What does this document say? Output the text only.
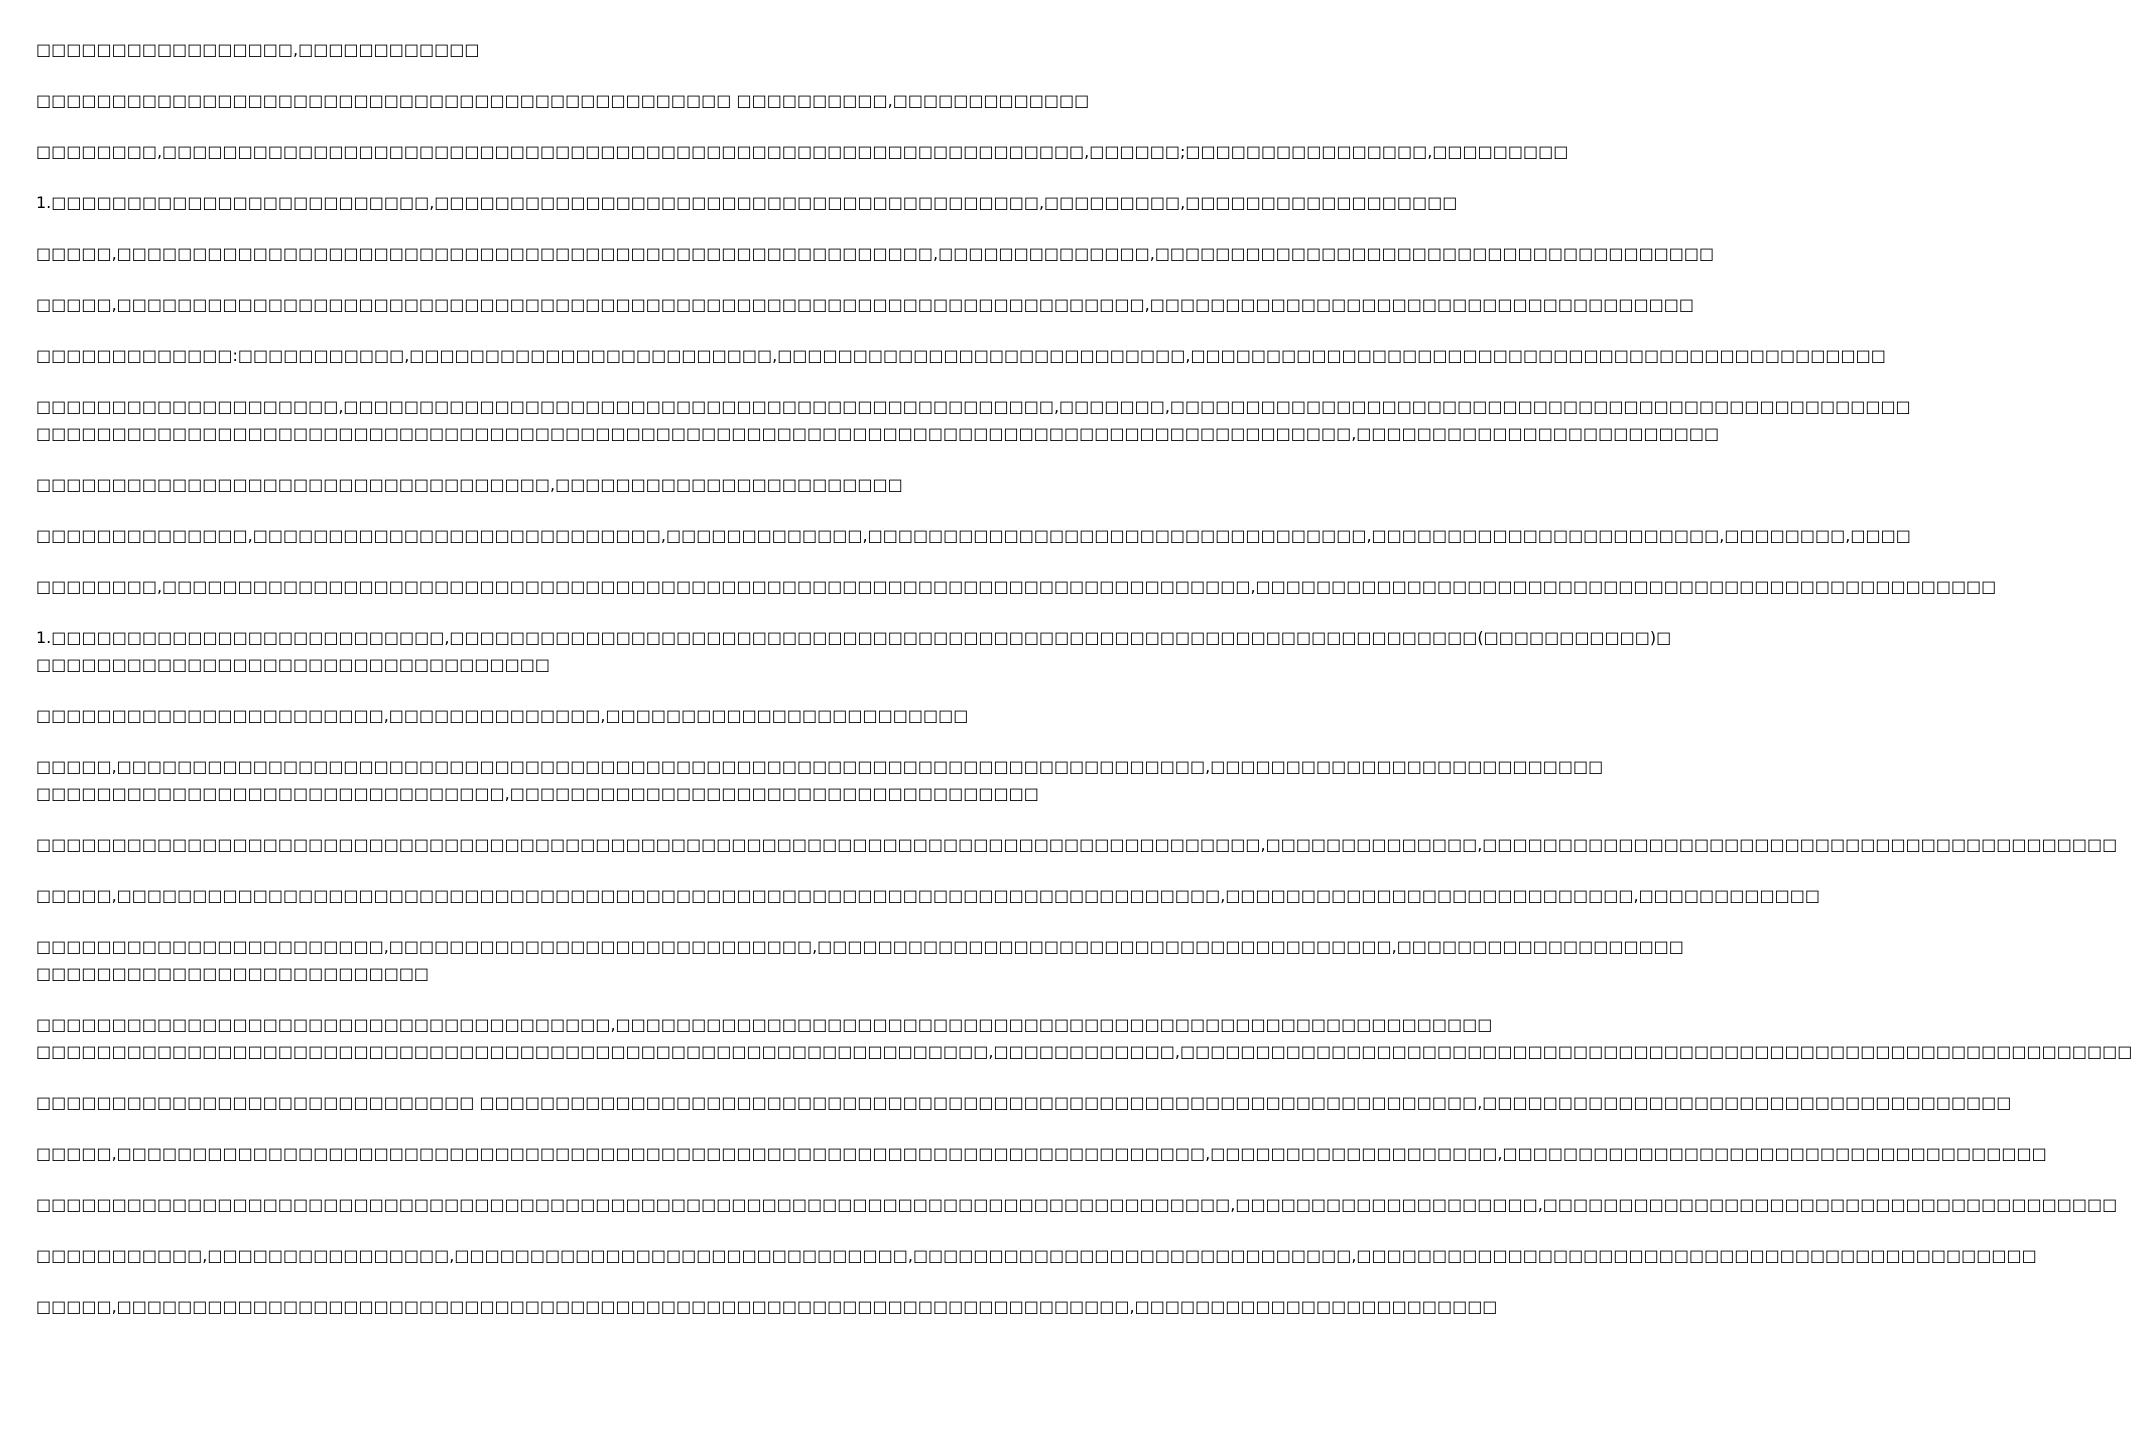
□□□□□□□□□□□□□□□□□,□□□□□□□□□□□□
□□□□□□□□□□□□□□□□□□□□□□□□□□□□□□□□□□□□□□□□□□□□□□ □□□□□□□□□□,□□□□□□□□□□□□□
□□□□□□□□,□□□□□□□□□□□□□□□□□□□□□□□□□□□□□□□□□□□□□□□□□□□□□□□□□□□□□□□□□□□□□,□□□□□□;□□□□□□□□□□□□□□□□,□□□□□□□□□
1.□□□□□□□□□□□□□□□□□□□□□□□□□,□□□□□□□□□□□□□□□□□□□□□□□□□□□□□□□□□□□□□□□□,□□□□□□□□□,□□□□□□□□□□□□□□□□□□
□□□□□,□□□□□□□□□□□□□□□□□□□□□□□□□□□□□□□□□□□□□□□□□□□□□□□□□□□□□□,□□□□□□□□□□□□□□,□□□□□□□□□□□□□□□□□□□□□□□□□□□□□□□□□□□□□
□□□□□,□□□□□□□□□□□□□□□□□□□□□□□□□□□□□□□□□□□□□□□□□□□□□□□□□□□□□□□□□□□□□□□□□□□□,□□□□□□□□□□□□□□□□□□□□□□□□□□□□□□□□□□□□
□□□□□□□□□□□□□:□□□□□□□□□□□,□□□□□□□□□□□□□□□□□□□□□□□□,□□□□□□□□□□□□□□□□□□□□□□□□□□□,□□□□□□□□□□□□□□□□□□□□□□□□□□□□□□□□□□□□□□□□□□□□□□
□□□□□□□□□□□□□□□□□□□□,□□□□□□□□□□□□□□□□□□□□□□□□□□□□□□□□□□□□□□□□□□□□□□□,□□□□□□□,□□□□□□□□□□□□□□□□□□□□□□□□□□□□□□□□□□□□□□□□□□□□□□□□□
□□□□□□□□□□□□□□□□□□□□□□□□□□□□□□□□□□□□□□□□□□□□□□□□□□□□□□□□□□□□□□□□□□□□□□□□□□□□□□□□□□□□□□□,□□□□□□□□□□□□□□□□□□□□□□□□
□□□□□□□□□□□□□□□□□□□□□□□□□□□□□□□□□□,□□□□□□□□□□□□□□□□□□□□□□□
□□□□□□□□□□□□□□,□□□□□□□□□□□□□□□□□□□□□□□□□□□,□□□□□□□□□□□□□,□□□□□□□□□□□□□□□□□□□□□□□□□□□□□□□□□,□□□□□□□□□□□□□□□□□□□□□□□,□□□□□□□□,□□□□
□□□□□□□□,□□□□□□□□□□□□□□□□□□□□□□□□□□□□□□□□□□□□□□□□□□□□□□□□□□□□□□□□□□□□□□□□□□□□□□□□,□□□□□□□□□□□□□□□□□□□□□□□□□□□□□□□□□□□□□□□□□□□□□□□□□
1.□□□□□□□□□□□□□□□□□□□□□□□□□□,□□□□□□□□□□□□□□□□□□□□□□□□□□□□□□□□□□□□□□□□□□□□□□□□□□□□□□□□□□□□□□□□□□□□(□□□□□□□□□□□)□
□□□□□□□□□□□□□□□□□□□□□□□□□□□□□□□□□□
□□□□□□□□□□□□□□□□□□□□□□□,□□□□□□□□□□□□□□,□□□□□□□□□□□□□□□□□□□□□□□□
□□□□□,□□□□□□□□□□□□□□□□□□□□□□□□□□□□□□□□□□□□□□□□□□□□□□□□□□□□□□□□□□□□□□□□□□□□□□□□,□□□□□□□□□□□□□□□□□□□□□□□□□□
□□□□□□□□□□□□□□□□□□□□□□□□□□□□□□□,□□□□□□□□□□□□□□□□□□□□□□□□□□□□□□□□□□□
□□□□□□□□□□□□□□□□□□□□□□□□□□□□□□□□□□□□□□□□□□□□□□□□□□□□□□□□□□□□□□□□□□□□□□□□□□□□□□□□□,□□□□□□□□□□□□□□,□□□□□□□□□□□□□□□□□□□□□□□□□□□□□□□□□□□□□□□□□□
□□□□□,□□□□□□□□□□□□□□□□□□□□□□□□□□□□□□□□□□□□□□□□□□□□□□□□□□□□□□□□□□□□□□□□□□□□□□□□□,□□□□□□□□□□□□□□□□□□□□□□□□□□□,□□□□□□□□□□□□
□□□□□□□□□□□□□□□□□□□□□□□,□□□□□□□□□□□□□□□□□□□□□□□□□□□□,□□□□□□□□□□□□□□□□□□□□□□□□□□□□□□□□□□□□□□,□□□□□□□□□□□□□□□□□□□
□□□□□□□□□□□□□□□□□□□□□□□□□□
□□□□□□□□□□□□□□□□□□□□□□□□□□□□□□□□□□□□□□,□□□□□□□□□□□□□□□□□□□□□□□□□□□□□□□□□□□□□□□□□□□□□□□□□□□□□□□□□□
□□□□□□□□□□□□□□□□□□□□□□□□□□□□□□□□□□□□□□□□□□□□□□□□□□□□□□□□□□□□□□□,□□□□□□□□□□□□,□□□□□□□□□□□□□□□□□□□□□□□□□□□□□□□□□□□□□□□□□□□□□□□□□□□□□□□□□□□□□□□
□□□□□□□□□□□□□□□□□□□□□□□□□□□□□ □□□□□□□□□□□□□□□□□□□□□□□□□□□□□□□□□□□□□□□□□□□□□□□□□□□□□□□□□□□□□□□□□□,□□□□□□□□□□□□□□□□□□□□□□□□□□□□□□□□□□□
□□□□□,□□□□□□□□□□□□□□□□□□□□□□□□□□□□□□□□□□□□□□□□□□□□□□□□□□□□□□□□□□□□□□□□□□□□□□□□,□□□□□□□□□□□□□□□□□□□,□□□□□□□□□□□□□□□□□□□□□□□□□□□□□□□□□□□□
□□□□□□□□□□□□□□□□□□□□□□□□□□□□□□□□□□□□□□□□□□□□□□□□□□□□□□□□□□□□□□□□□□□□□□□□□□□□□□□,□□□□□□□□□□□□□□□□□□□□,□□□□□□□□□□□□□□□□□□□□□□□□□□□□□□□□□□□□□□
□□□□□□□□□□□,□□□□□□□□□□□□□□□□,□□□□□□□□□□□□□□□□□□□□□□□□□□□□□□,□□□□□□□□□□□□□□□□□□□□□□□□□□□□□,□□□□□□□□□□□□□□□□□□□□□□□□□□□□□□□□□□□□□□□□□□□□□
□□□□□,□□□□□□□□□□□□□□□□□□□□□□□□□□□□□□□□□□□□□□□□□□□□□□□□□□□□□□□□□□□□□□□□□□□,□□□□□□□□□□□□□□□□□□□□□□□□
